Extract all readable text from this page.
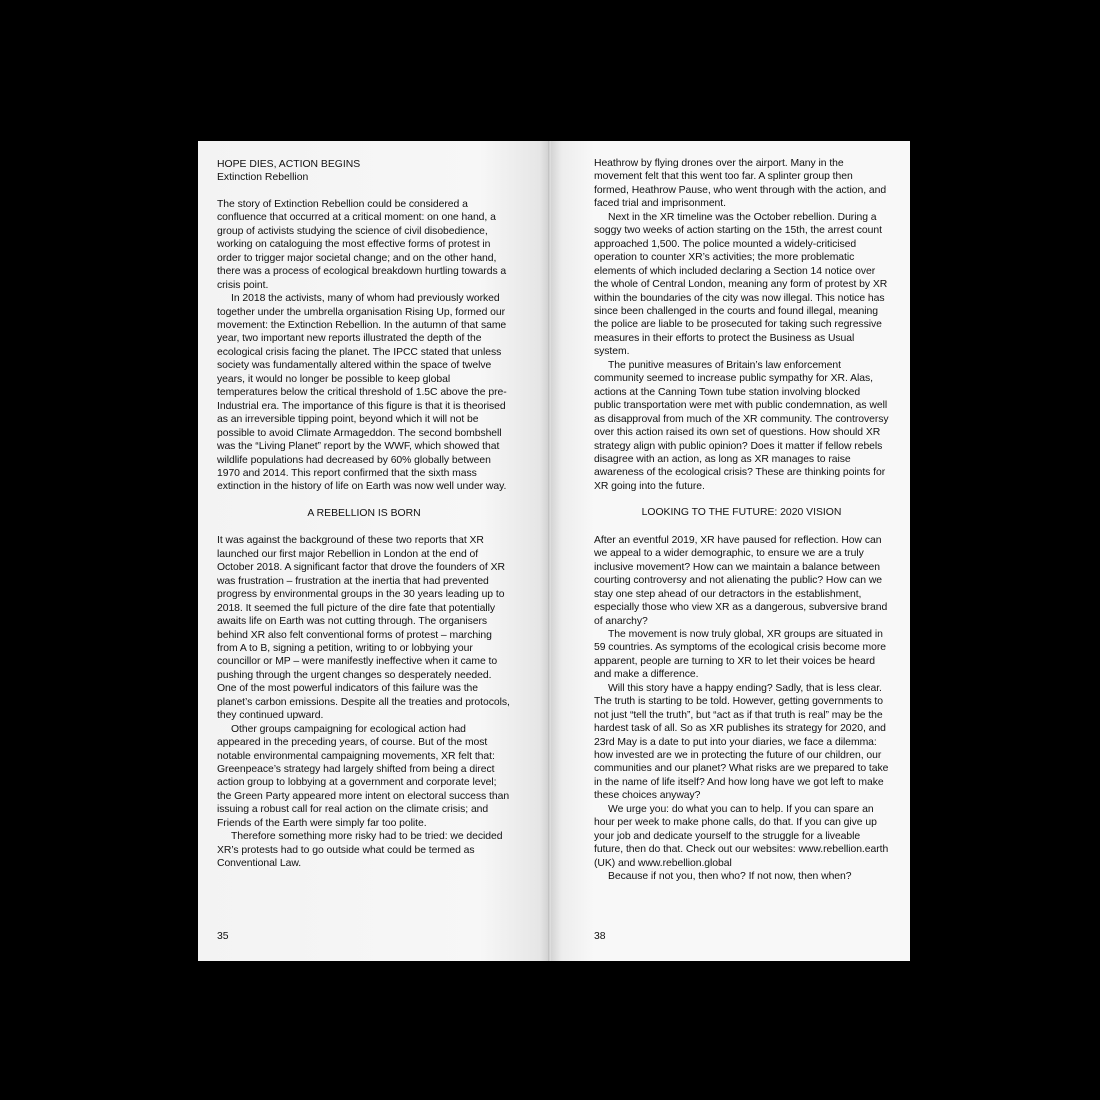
HOPE DIES, ACTION BEGINS
Extinction Rebellion

The story of Extinction Rebellion could be considered a confluence that occurred at a critical moment: on one hand, a group of activists studying the science of civil disobedience, working on cataloguing the most effective forms of protest in order to trigger major societal change; and on the other hand, there was a process of ecological breakdown hurtling towards a crisis point.

In 2018 the activists, many of whom had previously worked together under the umbrella organisation Rising Up, formed our movement: the Extinction Rebellion. In the autumn of that same year, two important new reports illustrated the depth of the ecological crisis facing the planet. The IPCC stated that unless society was fundamentally altered within the space of twelve years, it would no longer be possible to keep global temperatures below the critical threshold of 1.5C above the pre-Industrial era. The importance of this figure is that it is theorised as an irreversible tipping point, beyond which it will not be possible to avoid Climate Armageddon. The second bombshell was the “Living Planet” report by the WWF, which showed that wildlife populations had decreased by 60% globally between 1970 and 2014. This report confirmed that the sixth mass extinction in the history of life on Earth was now well under way.

A REBELLION IS BORN

It was against the background of these two reports that XR launched our first major Rebellion in London at the end of October 2018. A significant factor that drove the founders of XR was frustration – frustration at the inertia that had prevented progress by environmental groups in the 30 years leading up to 2018. It seemed the full picture of the dire fate that potentially awaits life on Earth was not cutting through. The organisers behind XR also felt conventional forms of protest – marching from A to B, signing a petition, writing to or lobbying your councillor or MP – were manifestly ineffective when it came to pushing through the urgent changes so desperately needed. One of the most powerful indicators of this failure was the planet’s carbon emissions. Despite all the treaties and protocols, they continued upward.

Other groups campaigning for ecological action had appeared in the preceding years, of course. But of the most notable environmental campaigning movements, XR felt that: Greenpeace’s strategy had largely shifted from being a direct action group to lobbying at a government and corporate level; the Green Party appeared more intent on electoral success than issuing a robust call for real action on the climate crisis; and Friends of the Earth were simply far too polite.

Therefore something more risky had to be tried: we decided XR’s protests had to go outside what could be termed as Conventional Law.

35

Heathrow by flying drones over the airport. Many in the movement felt that this went too far. A splinter group then formed, Heathrow Pause, who went through with the action, and faced trial and imprisonment.

Next in the XR timeline was the October rebellion. During a soggy two weeks of action starting on the 15th, the arrest count approached 1,500. The police mounted a widely-criticised operation to counter XR’s activities; the more problematic elements of which included declaring a Section 14 notice over the whole of Central London, meaning any form of protest by XR within the boundaries of the city was now illegal. This notice has since been challenged in the courts and found illegal, meaning the police are liable to be prosecuted for taking such regressive measures in their efforts to protect the Business as Usual system.

The punitive measures of Britain’s law enforcement community seemed to increase public sympathy for XR. Alas, actions at the Canning Town tube station involving blocked public transportation were met with public condemnation, as well as disapproval from much of the XR community. The controversy over this action raised its own set of questions. How should XR strategy align with public opinion? Does it matter if fellow rebels disagree with an action, as long as XR manages to raise awareness of the ecological crisis? These are thinking points for XR going into the future.

LOOKING TO THE FUTURE: 2020 VISION

After an eventful 2019, XR have paused for reflection. How can we appeal to a wider demographic, to ensure we are a truly inclusive movement? How can we maintain a balance between courting controversy and not alienating the public? How can we stay one step ahead of our detractors in the establishment, especially those who view XR as a dangerous, subversive brand of anarchy?

The movement is now truly global, XR groups are situated in 59 countries. As symptoms of the ecological crisis become more apparent, people are turning to XR to let their voices be heard and make a difference.

Will this story have a happy ending? Sadly, that is less clear. The truth is starting to be told. However, getting governments to not just “tell the truth”, but “act as if that truth is real” may be the hardest task of all. So as XR publishes its strategy for 2020, and 23rd May is a date to put into your diaries, we face a dilemma: how invested are we in protecting the future of our children, our communities and our planet? What risks are we prepared to take in the name of life itself? And how long have we got left to make these choices anyway?

We urge you: do what you can to help. If you can spare an hour per week to make phone calls, do that. If you can give up your job and dedicate yourself to the struggle for a liveable future, then do that. Check out our websites: www.rebellion.earth (UK) and www.rebellion.global

Because if not you, then who? If not now, then when?

38
